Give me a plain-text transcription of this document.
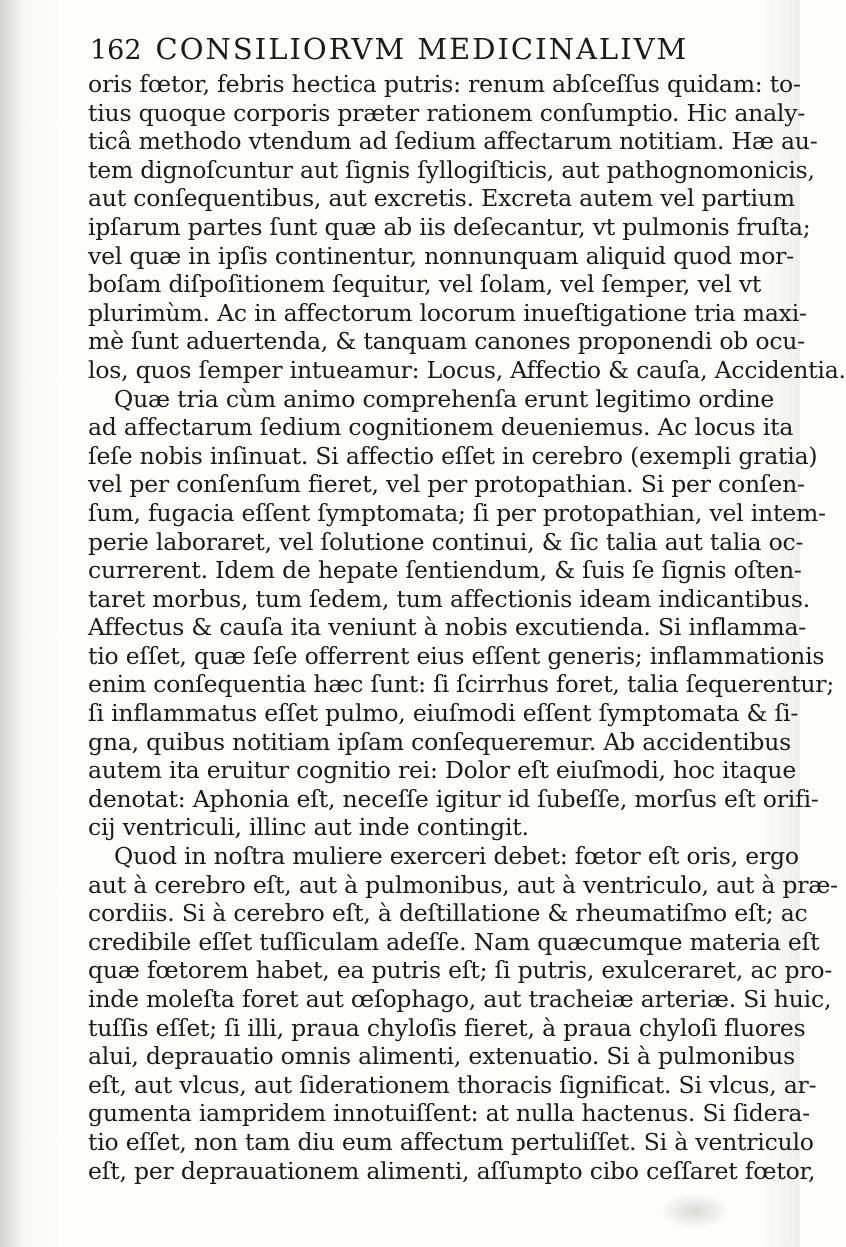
162 CONSILIORVM MEDICINALIVM
oris fœtor, febris hectica putris: renum abſceſſus quidam: to-
tius quoque corporis præter rationem conſumptio. Hic analy-
ticâ methodo vtendum ad ſedium affectarum notitiam. Hæ au-
tem dignoſcuntur aut ſignis ſyllogiſticis, aut pathognomonicis,
aut conſequentibus, aut excretis. Excreta autem vel partium
ipſarum partes ſunt quæ ab iis deſecantur, vt pulmonis fruſta;
vel quæ in ipſis continentur, nonnunquam aliquid quod mor-
boſam diſpoſitionem ſequitur, vel ſolam, vel ſemper, vel vt
plurimùm. Ac in affectorum locorum inueſtigatione tria maxi-
mè ſunt aduertenda, & tanquam canones proponendi ob ocu-
los, quos ſemper intueamur: Locus, Affectio & cauſa, Accidentia.
Quæ tria cùm animo comprehenſa erunt legitimo ordine
ad affectarum ſedium cognitionem deueniemus. Ac locus ita
ſeſe nobis inſinuat. Si affectio eſſet in cerebro (exempli gratia)
vel per conſenſum fieret, vel per protopathian. Si per conſen-
ſum, fugacia eſſent ſymptomata; ſi per protopathian, vel intem-
perie laboraret, vel ſolutione continui, & ſic talia aut talia oc-
currerent. Idem de hepate ſentiendum, & ſuis ſe ſignis oſten-
taret morbus, tum ſedem, tum affectionis ideam indicantibus.
Affectus & cauſa ita veniunt à nobis excutienda. Si inflamma-
tio eſſet, quæ ſeſe offerrent eius eſſent generis; inflammationis
enim conſequentia hæc ſunt: ſi ſcirrhus foret, talia ſequerentur;
ſi inflammatus eſſet pulmo, eiuſmodi eſſent ſymptomata & ſi-
gna, quibus notitiam ipſam conſequeremur. Ab accidentibus
autem ita eruitur cognitio rei: Dolor eſt eiuſmodi, hoc itaque
denotat: Aphonia eſt, neceſſe igitur id ſubeſſe, morſus eſt orifi-
cij ventriculi, illinc aut inde contingit.
Quod in noſtra muliere exerceri debet: fœtor eſt oris, ergo
aut à cerebro eſt, aut à pulmonibus, aut à ventriculo, aut à præ-
cordiis. Si à cerebro eſt, à deſtillatione & rheumatiſmo eſt; ac
credibile eſſet tuſſiculam adeſſe. Nam quæcumque materia eſt
quæ fœtorem habet, ea putris eſt; ſi putris, exulceraret, ac pro-
inde moleſta foret aut œſophago, aut tracheiæ arteriæ. Si huic,
tuſſis eſſet; ſi illi, praua chyloſis fieret, à praua chyloſi fluores
alui, deprauatio omnis alimenti, extenuatio. Si à pulmonibus
eſt, aut vlcus, aut ſiderationem thoracis ſignificat. Si vlcus, ar-
gumenta iampridem innotuiſſent: at nulla hactenus. Si ſidera-
tio eſſet, non tam diu eum affectum pertuliſſet. Si à ventriculo
eſt, per deprauationem alimenti, aſſumpto cibo ceſſaret fœtor,
